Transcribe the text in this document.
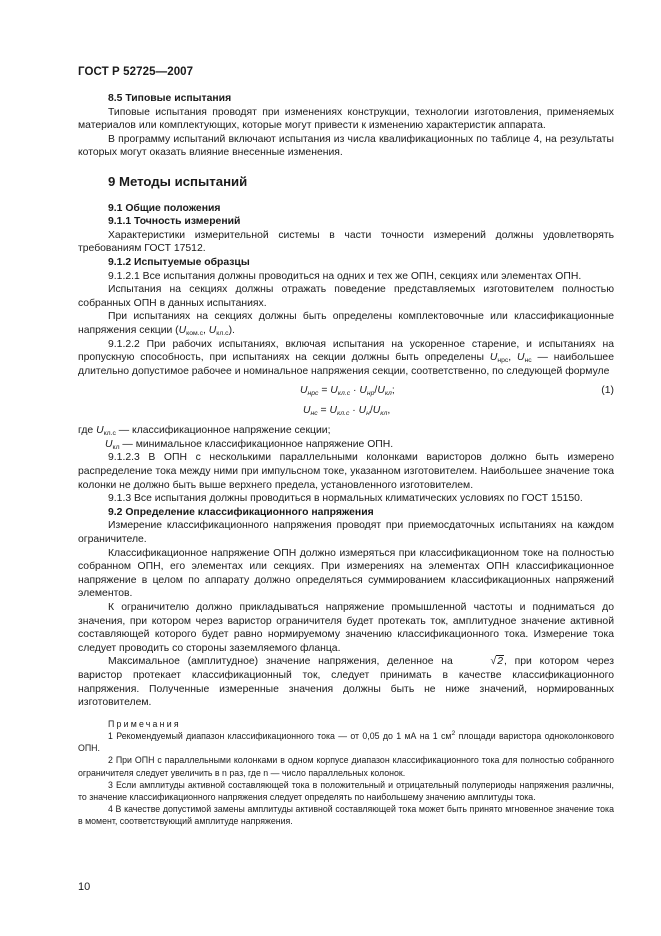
ГОСТ Р 52725—2007

8.5 Типовые испытания

Типовые испытания проводят при изменениях конструкции, технологии изготовления, применяемых материалов или комплектующих, которые могут привести к изменению характеристик аппарата.

В программу испытаний включают испытания из числа квалификационных по таблице 4, на результаты которых могут оказать влияние внесенные изменения.

9 Методы испытаний

9.1 Общие положения

9.1.1 Точность измерений

Характеристики измерительной системы в части точности измерений должны удовлетворять требованиям ГОСТ 17512.

9.1.2 Испытуемые образцы

9.1.2.1 Все испытания должны проводиться на одних и тех же ОПН, секциях или элементах ОПН.

Испытания на секциях должны отражать поведение представляемых изготовителем полностью собранных ОПН в данных испытаниях.

При испытаниях на секциях должны быть определены комплектовочные или классификационные напряжения секции ($U_{ком.с}$, $U_{кл.с}$).

9.1.2.2 При рабочих испытаниях, включая испытания на ускоренное старение, и испытаниях на пропускную способность, при испытаниях на секции должны быть определены $U_{нрс}$, $U_{нс}$ — наибольшее длительно допустимое рабочее и номинальное напряжения секции, соответственно, по следующей формуле

$U_{нрс} = U_{кл.с} \cdot U_{нр}/U_{кл}$;	(1)
$U_{нс} = U_{кл.с} \cdot U_н/U_{кл}$,

где $U_{кл.с}$ — классификационное напряжение секции;

$U_{кл}$ — минимальное классификационное напряжение ОПН.

9.1.2.3 В ОПН с несколькими параллельными колонками варисторов должно быть измерено распределение тока между ними при импульсном токе, указанном изготовителем. Наибольшее значение тока колонки не должно быть выше верхнего предела, установленного изготовителем.

9.1.3 Все испытания должны проводиться в нормальных климатических условиях по ГОСТ 15150.

9.2 Определение классификационного напряжения

Измерение классификационного напряжения проводят при приемосдаточных испытаниях на каждом ограничителе.

Классификационное напряжение ОПН должно измеряться при классификационном токе на полностью собранном ОПН, его элементах или секциях. При измерениях на элементах ОПН классификационное напряжение в целом по аппарату должно определяться суммированием классификационных напряжений элементов.

К ограничителю должно прикладываться напряжение промышленной частоты и подниматься до значения, при котором через варистор ограничителя будет протекать ток, амплитудное значение активной составляющей которого будет равно нормируемому значению классификационного тока. Измерение тока следует проводить со стороны заземляемого фланца.

Максимальное (амплитудное) значение напряжения, деленное на	√2, при котором через варистор протекает классификационный ток, следует принимать в качестве классификационного напряжения. Полученные измеренные значения должны быть не ниже значений, нормированных изготовителем.

Примечания

1 Рекомендуемый диапазон классификационного тока — от 0,05 до 1 мА на 1 $см^2$ площади варистора одноколонкового ОПН.

2 При ОПН с параллельными колонками в одном корпусе диапазон классификационного тока для полностью собранного ограничителя следует увеличить в n раз, где n — число параллельных колонок.

3 Если амплитуды активной составляющей тока в положительный и отрицательный полупериоды напряжения различны, то значение классификационного напряжения следует определять по наибольшему значению амплитуды тока.

4 В качестве допустимой замены амплитуды активной составляющей тока может быть принято мгновенное значение тока в момент, соответствующий амплитуде напряжения.

10
